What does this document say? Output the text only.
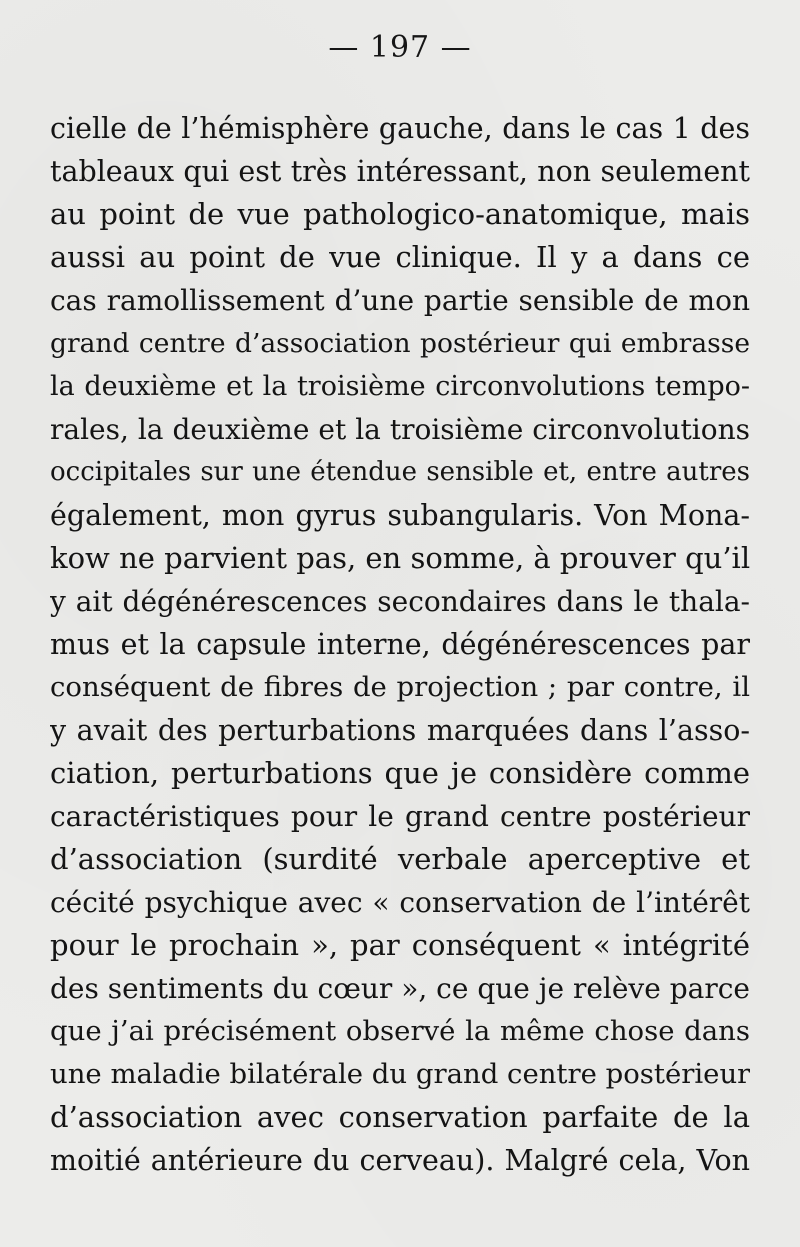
— 197 —
cielle de l’hémisphère gauche, dans le cas 1 des
tableaux qui est très intéressant, non seulement
au point de vue pathologico-anatomique, mais
aussi au point de vue clinique. Il y a dans ce
cas ramollissement d’une partie sensible de mon
grand centre d’association postérieur qui embrasse
la deuxième et la troisième circonvolutions tempo-
rales, la deuxième et la troisième circonvolutions
occipitales sur une étendue sensible et, entre autres
également, mon gyrus subangularis. Von Mona-
kow ne parvient pas, en somme, à prouver qu’il
y ait dégénérescences secondaires dans le thala-
mus et la capsule interne, dégénérescences par
conséquent de fibres de projection ; par contre, il
y avait des perturbations marquées dans l’asso-
ciation, perturbations que je considère comme
caractéristiques pour le grand centre postérieur
d’association (surdité verbale aperceptive et
cécité psychique avec « conservation de l’intérêt
pour le prochain », par conséquent « intégrité
des sentiments du cœur », ce que je relève parce
que j’ai précisément observé la même chose dans
une maladie bilatérale du grand centre postérieur
d’association avec conservation parfaite de la
moitié antérieure du cerveau). Malgré cela, Von
